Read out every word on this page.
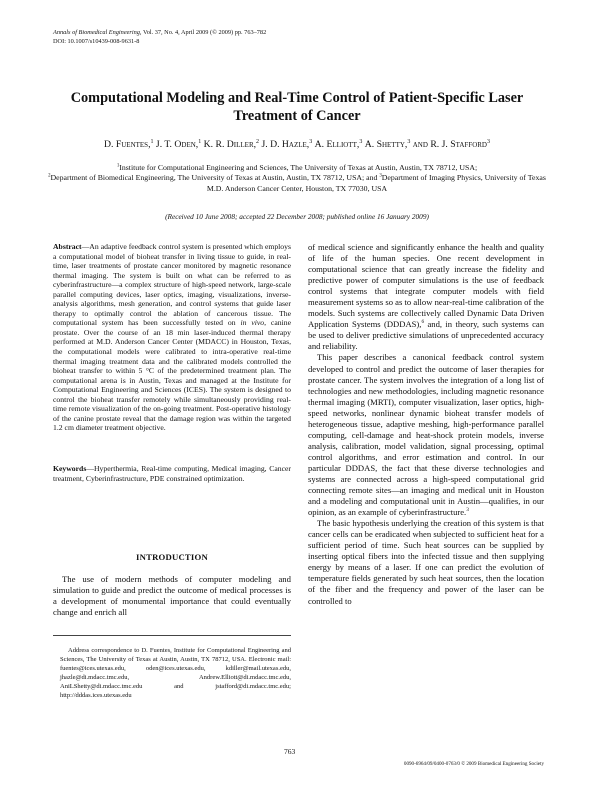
Annals of Biomedical Engineering, Vol. 37, No. 4, April 2009 (© 2009) pp. 763–782
DOI: 10.1007/s10439-008-9631-8
Computational Modeling and Real-Time Control of Patient-Specific Laser Treatment of Cancer
D. Fuentes,$^1$ J. T. Oden,$^1$ K. R. Diller,$^2$ J. D. Hazle,$^3$ A. Elliott,$^3$ A. Shetty,$^3$ and R. J. Stafford$^3$
$^1$Institute for Computational Engineering and Sciences, The University of Texas at Austin, Austin, TX 78712, USA;
$^2$Department of Biomedical Engineering, The University of Texas at Austin, Austin, TX 78712, USA; and $^3$Department of Imaging Physics, University of Texas M.D. Anderson Cancer Center, Houston, TX 77030, USA
(Received 10 June 2008; accepted 22 December 2008; published online 16 January 2009)
Abstract—An adaptive feedback control system is presented which employs a computational model of bioheat transfer in living tissue to guide, in real-time, laser treatments of prostate cancer monitored by magnetic resonance thermal imaging. The system is built on what can be referred to as cyberinfrastructure—a complex structure of high-speed network, large-scale parallel computing devices, laser optics, imaging, visualizations, inverse-analysis algorithms, mesh generation, and control systems that guide laser therapy to optimally control the ablation of cancerous tissue. The computational system has been successfully tested on in vivo, canine prostate. Over the course of an 18 min laser-induced thermal therapy performed at M.D. Anderson Cancer Center (MDACC) in Houston, Texas, the computational models were calibrated to intra-operative real-time thermal imaging treatment data and the calibrated models controlled the bioheat transfer to within 5 °C of the predetermined treatment plan. The computational arena is in Austin, Texas and managed at the Institute for Computational Engineering and Sciences (ICES). The system is designed to control the bioheat transfer remotely while simultaneously providing real-time remote visualization of the on-going treatment. Post-operative histology of the canine prostate reveal that the damage region was within the targeted 1.2 cm diameter treatment objective.
Keywords—Hyperthermia, Real-time computing, Medical imaging, Cancer treatment, Cyberinfrastructure, PDE constrained optimization.
INTRODUCTION
The use of modern methods of computer modeling and simulation to guide and predict the outcome of medical processes is a development of monumental importance that could eventually change and enrich all
Address correspondence to D. Fuentes, Institute for Computational Engineering and Sciences, The University of Texas at Austin, Austin, TX 78712, USA. Electronic mail: fuentes@ices.utexas.edu, oden@ices.utexas.edu, kdiller@mail.utexas.edu, jhazle@di.mdacc.tmc.edu, Andrew.Elliott@di.mdacc.tmc.edu, AniLShetty@di.mdacc.tmc.edu and jstafford@di.mdacc.tmc.edu; http://dddas.ices.utexas.edu

of medical science and significantly enhance the health and quality of life of the human species. One recent development in computational science that can greatly increase the fidelity and predictive power of computer simulations is the use of feedback control systems that integrate computer models with field measurement systems so as to allow near-real-time calibration of the models. Such systems are collectively called Dynamic Data Driven Application Systems (DDDAS),$^6$ and, in theory, such systems can be used to deliver predictive simulations of unprecedented accuracy and reliability.

This paper describes a canonical feedback control system developed to control and predict the outcome of laser therapies for prostate cancer. The system involves the integration of a long list of technologies and new methodologies, including magnetic resonance thermal imaging (MRTI), computer visualization, laser optics, high-speed networks, nonlinear dynamic bioheat transfer models of heterogeneous tissue, adaptive meshing, high-performance parallel computing, cell-damage and heat-shock protein models, inverse analysis, calibration, model validation, signal processing, optimal control algorithms, and error estimation and control. In our particular DDDAS, the fact that these diverse technologies and systems are connected across a high-speed computational grid connecting remote sites—an imaging and medical unit in Houston and a modeling and computational unit in Austin—qualifies, in our opinion, as an example of cyberinfrastructure.$^3$

The basic hypothesis underlying the creation of this system is that cancer cells can be eradicated when subjected to sufficient heat for a sufficient period of time. Such heat sources can be supplied by inserting optical fibers into the infected tissue and then supplying energy by means of a laser. If one can predict the evolution of temperature fields generated by such heat sources, then the location of the fiber and the frequency and power of the laser can be controlled to

763
0090-6964/09/0400-0763/0 © 2009 Biomedical Engineering Society
